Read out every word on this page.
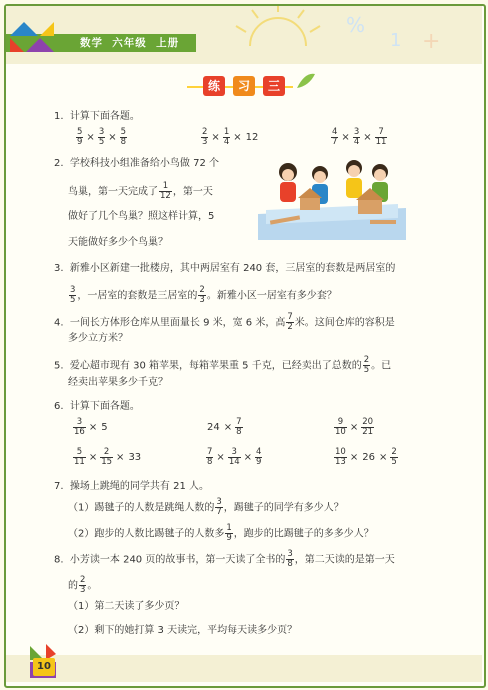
%
1 +
数学  六年级  上册
练	习	三
1. 计算下面各题。
$\frac{5}{9} \times \frac{3}{5} \times \frac{5}{8}$	$\frac{2}{3} \times \frac{1}{4} \times 12$	$\frac{4}{7} \times \frac{3}{4} \times \frac{7}{11}$
2. 学校科技小组准备给小鸟做 72 个
鸟巢，第一天完成了 $\frac{1}{12}$ ，第一天
做好了几个鸟巢？照这样计算，5
天能做好多少个鸟巢？
3. 新雅小区新建一批楼房，其中两居室有 240 套，三居室的套数是两居室的
$\frac{3}{5}$ ，一居室的套数是三居室的 $\frac{2}{3}$ 。新雅小区一居室有多少套？
4. 一间长方体形仓库从里面量长 9 米，宽 6 米，高 $\frac{7}{2}$ 米。这间仓库的容积是
多少立方米？
5. 爱心超市现有 30 箱苹果，每箱苹果重 5 千克，已经卖出了总数的 $\frac{2}{5}$ 。已
经卖出苹果多少千克？
6. 计算下面各题。
$\frac{3}{16} \times 5$	$24 \times \frac{7}{8}$	$\frac{9}{10} \times \frac{20}{21}$
$\frac{5}{11} \times \frac{2}{15} \times 33$	$\frac{7}{8} \times \frac{3}{14} \times \frac{4}{9}$	$\frac{10}{13} \times 26 \times \frac{2}{5}$
7. 操场上跳绳的同学共有 21 人。
（1）踢毽子的人数是跳绳人数的 $\frac{3}{7}$ ，踢毽子的同学有多少人？
（2）跑步的人数比踢毽子的人数多 $\frac{1}{9}$ ，跑步的比踢毽子的多多少人？
8. 小芳读一本 240 页的故事书，第一天读了全书的 $\frac{3}{8}$ ，第二天读的是第一天
的 $\frac{2}{3}$ 。
（1）第二天读了多少页？
（2）剩下的她打算 3 天读完，平均每天读多少页？
10
